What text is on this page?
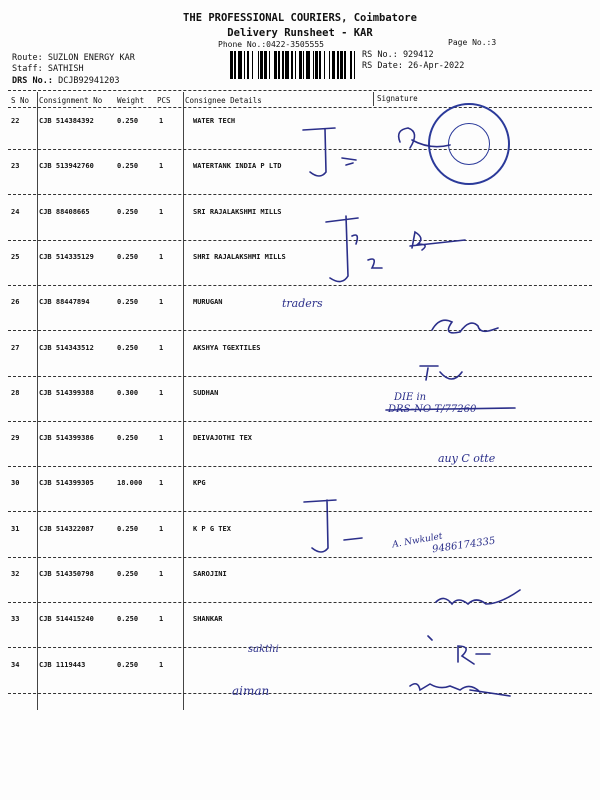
THE PROFESSIONAL COURIERS, Coimbatore
Delivery Runsheet - KAR
Phone No.:0422-3505555	Page No.:3
Route: SUZLON ENERGY KAR
Staff: SATHISH
DRS No.: DCJB92941203
RS No.: 929412
RS Date: 26-Apr-2022
S No Consignment No Weight PCS Consignee Details	Signature
22	CJB 514384392	0.250	1	WATER TECH
23	CJB 513942760	0.250	1	WATERTANK INDIA P LTD
24	CJB 88408665	0.250	1	SRI RAJALAKSHMI MILLS
25	CJB 514335129	0.250	1	SHRI RAJALAKSHMI MILLS
26	CJB 88447894	0.250	1	MURUGAN
27	CJB 514343512	0.250	1	AKSHYA TGEXTILES
28	CJB 514399388	0.300	1	SUDHAN
29	CJB 514399386	0.250	1	DEIVAJOTHI TEX
30	CJB 514399305	18.000 1	KPG
31	CJB 514322087	0.250	1	K P G TEX
32	CJB 514350798	0.250	1	SAROJINI
33	CJB 514415240	0.250	1	SHANKAR
34	CJB 1119443	0.250	1
traders
DIE in
DRS-NO-T/77260
auy C otte
A. Nwkulet
9486174335
sakthi
aiman
